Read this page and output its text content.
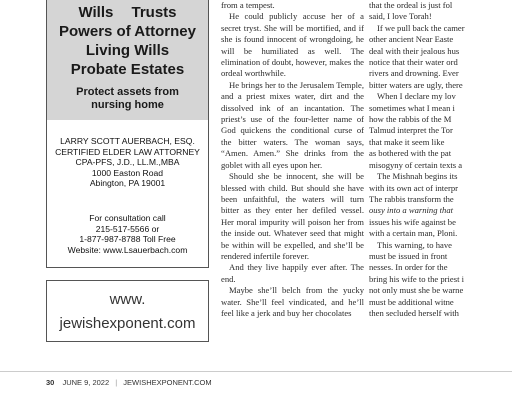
Wills Trusts
Powers of Attorney
Living Wills
Probate Estates
Protect assets from
nursing home
LARRY SCOTT AUERBACH, ESQ.
CERTIFIED ELDER LAW ATTORNEY
CPA-PFS, J.D., LL.M.,MBA
1000 Easton Road
Abington, PA 19001
For consultation call
215-517-5566 or
1-877-987-8788 Toll Free
Website: www.Lsauerbach.com
www.
jewishexponent.com

from a tempest.

He could publicly accuse her of a secret tryst. She will be mortified, and if she is found innocent of wrongdoing, he will be humiliated as well. The elimination of doubt, however, makes the ordeal worthwhile.

He brings her to the Jerusalem Temple, and a priest mixes water, dirt and the dissolved ink of an incantation. The priest’s use of the four-letter name of God quickens the conditional curse of the bitter waters. The woman says, “Amen. Amen.” She drinks from the goblet with all eyes upon her.

Should she be innocent, she will be blessed with child. But should she have been unfaithful, the waters will turn bitter as they enter her defiled vessel. Her moral impurity will poison her from the inside out. Whatever seed that might be within will be expelled, and she’ll be rendered infertile forever.

And they live happily ever after. The end.

Maybe she’ll belch from the yucky water. She’ll feel vindicated, and he’ll feel like a jerk and buy her chocolates

that the ordeal is just fol

said, I love Torah!

If we pull back the camer

other ancient Near Easte

deal with their jealous hus

notice that their water ord

rivers and drowning. Ever

bitter waters are ugly, there

When I declare my lov

sometimes what I mean i

how the rabbis of the M

Talmud interpret the Tor

that make it seem like

as bothered with the pat

misogyny of certain texts a

The Mishnah begins its

with its own act of interpr

The rabbis transform the

ousy into a warning that

issues his wife against be

with a certain man, Ploni.

This warning, to have

must be issued in front

nesses. In order for the

bring his wife to the priest i

not only must she be warne

must be additional witne

then secluded herself with

30 JUNE 9, 2022 | JEWISHEXPONENT.COM
